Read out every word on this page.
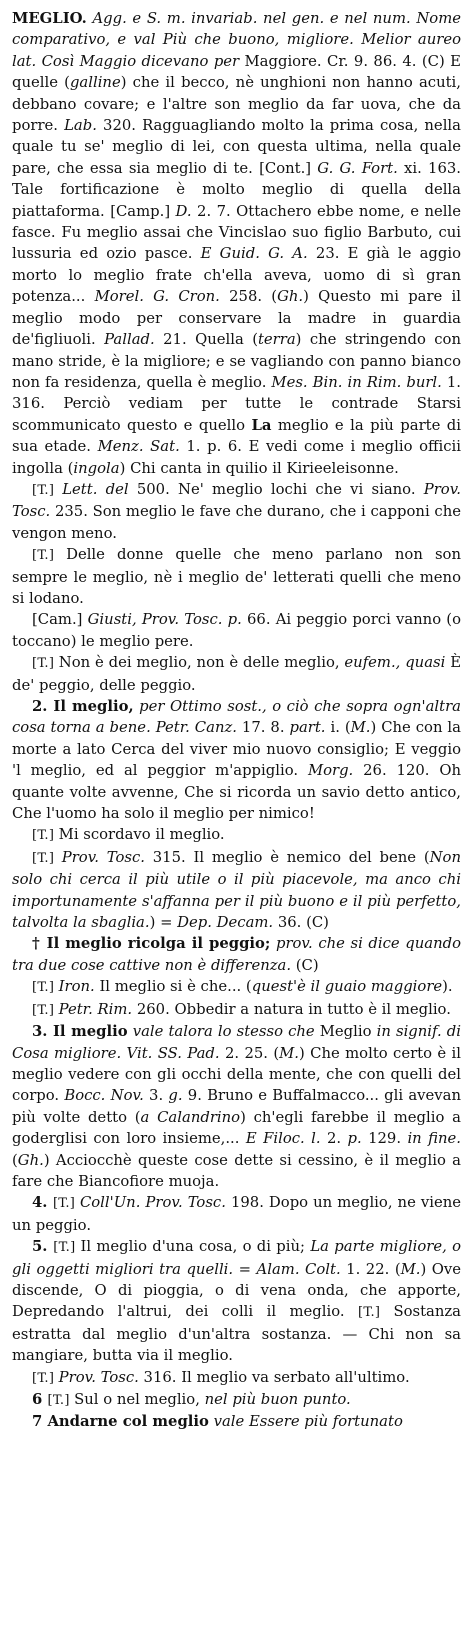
MEGLIO. Agg. e S. m. invariab. nel gen. e nel num. Nome comparativo, e val Più che buono, migliore. Melior aureo lat. Così Maggio dicevano per Maggiore. Cr. 9. 86. 4. (C) E quelle (galline) che il becco, nè unghioni non hanno acuti, debbano covare; e l'altre son meglio da far uova, che da porre. Lab. 320. Ragguagliando molto la prima cosa, nella quale tu se' meglio di lei, con questa ultima, nella quale pare, che essa sia meglio di te. [Cont.] G. G. Fort. xi. 163. Tale fortificazione è molto meglio di quella della piattaforma. [Camp.] D. 2. 7. Ottachero ebbe nome, e nelle fasce. Fu meglio assai che Vincislao suo figlio Barbuto, cui lussuria ed ozio pasce. E Guid. G. A. 23. E già le aggio morto lo meglio frate ch'ella aveva, uomo di sì gran potenza... Morel. G. Cron. 258. (Gh.) Questo mi pare il meglio modo per conservare la madre in guardia de'figliuoli. Pallad. 21. Quella (terra) che stringendo con mano stride, è la migliore; e se vagliando con panno bianco non fa residenza, quella è meglio. Mes. Bin. in Rim. burl. 1. 316. Perciò vediam per tutte le contrade Starsi scommunicato questo e quello La meglio e la più parte di sua etade. Menz. Sat. 1. p. 6. E vedi come i meglio officii ingolla (ingola) Chi canta in quilio il Kirieeleisonne.

[T.] Lett. del 500. Ne' meglio lochi che vi siano. Prov. Tosc. 235. Son meglio le fave che durano, che i capponi che vengon meno.

[T.] Delle donne quelle che meno parlano non son sempre le meglio, nè i meglio de' letterati quelli che meno si lodano.

[Cam.] Giusti, Prov. Tosc. p. 66. Ai peggio porci vanno (o toccano) le meglio pere.

[T.] Non è dei meglio, non è delle meglio, eufem., quasi È de' peggio, delle peggio.

2. Il meglio, per Ottimo sost., o ciò che sopra ogn'altra cosa torna a bene. Petr. Canz. 17. 8. part. i. (M.) Che con la morte a lato Cerca del viver mio nuovo consiglio; E veggio 'l meglio, ed al peggior m'appiglio. Morg. 26. 120. Oh quante volte avvenne, Che si ricorda un savio detto antico, Che l'uomo ha solo il meglio per nimico!

[T.] Mi scordavo il meglio.

[T.] Prov. Tosc. 315. Il meglio è nemico del bene (Non solo chi cerca il più utile o il più piacevole, ma anco chi importunamente s'affanna per il più buono e il più perfetto, talvolta la sbaglia.) = Dep. Decam. 36. (C)

† Il meglio ricolga il peggio; prov. che si dice quando tra due cose cattive non è differenza. (C)

[T.] Iron. Il meglio si è che... (quest'è il guaio maggiore).

[T.] Petr. Rim. 260. Obbedir a natura in tutto è il meglio.

3. Il meglio vale talora lo stesso che Meglio in signif. di Cosa migliore. Vit. SS. Pad. 2. 25. (M.) Che molto certo è il meglio vedere con gli occhi della mente, che con quelli del corpo. Bocc. Nov. 3. g. 9. Bruno e Buffalmacco... gli avevan più volte detto (a Calandrino) ch'egli farebbe il meglio a goderglisi con loro insieme,... E Filoc. l. 2. p. 129. in fine. (Gh.) Acciocchè queste cose dette si cessino, è il meglio a fare che Biancofiore muoja.

4. [T.] Coll'Un. Prov. Tosc. 198. Dopo un meglio, ne viene un peggio.

5. [T.] Il meglio d'una cosa, o di più; La parte migliore, o gli oggetti migliori tra quelli. = Alam. Colt. 1. 22. (M.) Ove discende, O di pioggia, o di vena onda, che apporte, Depredando l'altrui, dei colli il meglio. [T.] Sostanza estratta dal meglio d'un'altra sostanza. — Chi non sa mangiare, butta via il meglio.

[T.] Prov. Tosc. 316. Il meglio va serbato all'ultimo.

6 [T.] Sul o nel meglio, nel più buon punto.

7 Andarne col meglio vale Essere più fortunato
